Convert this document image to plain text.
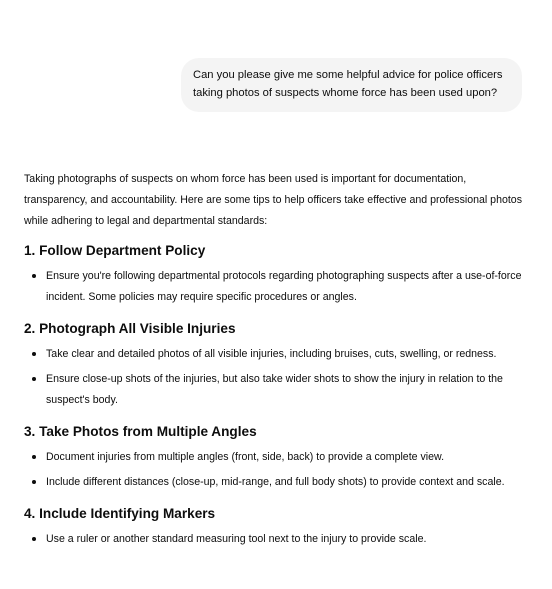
Can you please give me some helpful advice for police officers taking photos of suspects whome force has been used upon?

Taking photographs of suspects on whom force has been used is important for documentation, transparency, and accountability. Here are some tips to help officers take effective and professional photos while adhering to legal and departmental standards:

1. Follow Department Policy
Ensure you're following departmental protocols regarding photographing suspects after a use-of-force incident. Some policies may require specific procedures or angles.
2. Photograph All Visible Injuries
Take clear and detailed photos of all visible injuries, including bruises, cuts, swelling, or redness.
Ensure close-up shots of the injuries, but also take wider shots to show the injury in relation to the suspect's body.
3. Take Photos from Multiple Angles
Document injuries from multiple angles (front, side, back) to provide a complete view.
Include different distances (close-up, mid-range, and full body shots) to provide context and scale.
4. Include Identifying Markers
Use a ruler or another standard measuring tool next to the injury to provide scale.
